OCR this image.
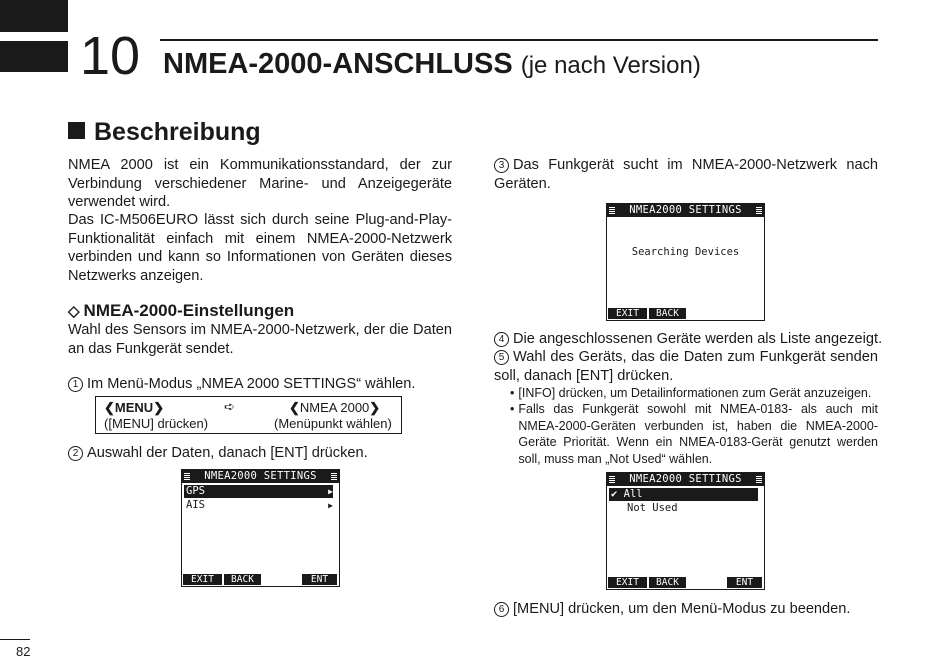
10 NMEA-2000-ANSCHLUSS (je nach Version)
Beschreibung
NMEA 2000 ist ein Kommunikationsstandard, der zur Verbindung verschiedener Marine- und Anzeigegeräte verwendet wird.
Das IC-M506EURO lässt sich durch seine Plug-and-Play-Funktionalität einfach mit einem NMEA-2000-Netzwerk verbinden und kann so Informationen von Geräten dieses Netzwerks anzeigen.
◇ NMEA-2000-Einstellungen
Wahl des Sensors im NMEA-2000-Netzwerk, der die Daten an das Funkgerät sendet.
1 Im Menü-Modus „NMEA 2000 SETTINGS“ wählen.
❮MENU❯	➪	❮NMEA 2000❯
([MENU] drücken)	(Menüpunkt wählen)
2 Auswahl der Daten, danach [ENT] drücken.
NMEA2000 SETTINGS
GPS	▶
AIS	▶
EXIT	BACK	ENT
3 Das Funkgerät sucht im NMEA-2000-Netzwerk nach Geräten.
NMEA2000 SETTINGS
Searching Devices
EXIT	BACK
4 Die angeschlossenen Geräte werden als Liste angezeigt.
5 Wahl des Geräts, das die Daten zum Funkgerät senden soll, danach [ENT] drücken.
• [INFO] drücken, um Detailinformationen zum Gerät anzuzeigen.
• Falls das Funkgerät sowohl mit NMEA-0183- als auch mit NMEA-2000-Geräten verbunden ist, haben die NMEA-2000-Geräte Priorität. Wenn ein NMEA-0183-Gerät genutzt werden soll, muss man „Not Used“ wählen.
NMEA2000 SETTINGS
✔ All
Not Used
EXIT	BACK	ENT
6 [MENU] drücken, um den Menü-Modus zu beenden.
82
